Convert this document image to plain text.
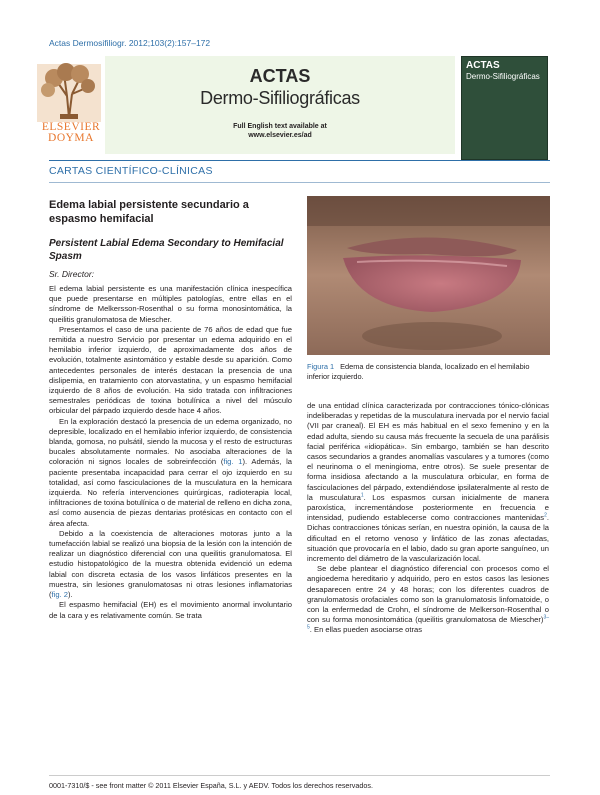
Actas Dermosifiliogr. 2012;103(2):157–172
ELSEVIER
DOYMA
ACTAS
Dermo-Sifiliográficas
Full English text available at
www.elsevier.es/ad
ACTAS
Dermo-Sifiliográficas
CARTAS CIENTÍFICO-CLÍNICAS
Edema labial persistente secundario a espasmo hemifacial
Persistent Labial Edema Secondary to Hemifacial Spasm
Sr. Director:

El edema labial persistente es una manifestación clínica inespecífica que puede presentarse en múltiples patologías, entre ellas en el síndrome de Melkersson-Rosenthal o su forma monosintomática, la queilitis granulomatosa de Miescher.

Presentamos el caso de una paciente de 76 años de edad que fue remitida a nuestro Servicio por presentar un edema adquirido en el hemilabio inferior izquierdo, de aproximadamente dos años de evolución, totalmente asintomático y estable desde su aparición. Como antecedentes personales de interés destacan la presencia de una dislipemia, en tratamiento con atorvastatina, y un espasmo hemifacial izquierdo de 8 años de evolución. Ha sido tratada con infiltraciones semestrales periódicas de toxina botulínica a nivel del músculo orbicular del párpado izquierdo desde hace 4 años.

En la exploración destacó la presencia de un edema organizado, no depresible, localizado en el hemilabio inferior izquierdo, de consistencia blanda, gomosa, no pulsátil, siendo la mucosa y el resto de estructuras bucales absolutamente normales. No asociaba alteraciones de la coloración ni signos locales de sobreinfección (fig. 1). Además, la paciente presentaba incapacidad para cerrar el ojo izquierdo en su totalidad, así como fasciculaciones de la musculatura en la hemicara izquierda. No refería intervenciones quirúrgicas, radioterapia local, infiltraciones de toxina botulínica o de material de relleno en dicha zona, así como ausencia de piezas dentarias protésicas en contacto con el área afecta.

Debido a la coexistencia de alteraciones motoras junto a la tumefacción labial se realizó una biopsia de la lesión con la intención de realizar un diagnóstico diferencial con una queilitis granulomatosa. El estudio histopatológico de la muestra obtenida evidenció un edema labial con discreta ectasia de los vasos linfáticos presentes en la muestra, sin lesiones granulomatosas ni otras lesiones inflamatorias (fig. 2).

El espasmo hemifacial (EH) es el movimiento anormal involuntario de la cara y es relativamente común. Se trata

Figura 1 Edema de consistencia blanda, localizado en el hemilabio inferior izquierdo.

de una entidad clínica caracterizada por contracciones tónico-clónicas indeliberadas y repetidas de la musculatura inervada por el nervio facial (VII par craneal). El EH es más habitual en el sexo femenino y en la edad adulta, siendo su causa más frecuente la secuela de una parálisis facial periférica «idiopática». Sin embargo, también se han descrito casos secundarios a grandes anomalías vasculares y a tumores (como el neurinoma o el meningioma, entre otros). Se suele presentar de forma insidiosa afectando a la musculatura orbicular, en forma de fasciculaciones del párpado, extendiéndose ipsilateralmente al resto de la musculatura$^1$. Los espasmos cursan inicialmente de manera paroxística, incrementándose posteriormente en frecuencia e intensidad, pudiendo establecerse como contracciones mantenidas$^2$. Dichas contracciones tónicas serían, en nuestra opinión, la causa de la dificultad en el retorno venoso y linfático de las zonas afectadas, situación que provocaría en el labio, dado su gran aporte sanguíneo, un incremento del diámetro de la vascularización local.

Se debe plantear el diagnóstico diferencial con procesos como el angioedema hereditario y adquirido, pero en estos casos las lesiones desaparecen entre 24 y 48 horas; con los diferentes cuadros de granulomatosis orofaciales como son la granulomatosis linfomatoide, o con la enfermedad de Crohn, el síndrome de Melkerson-Rosenthal o con su forma monosintomática (queilitis granulomatosa de Miescher)$^{3-5}$. En ellas pueden asociarse otras

0001-7310/$ - see front matter © 2011 Elsevier España, S.L. y AEDV. Todos los derechos reservados.
